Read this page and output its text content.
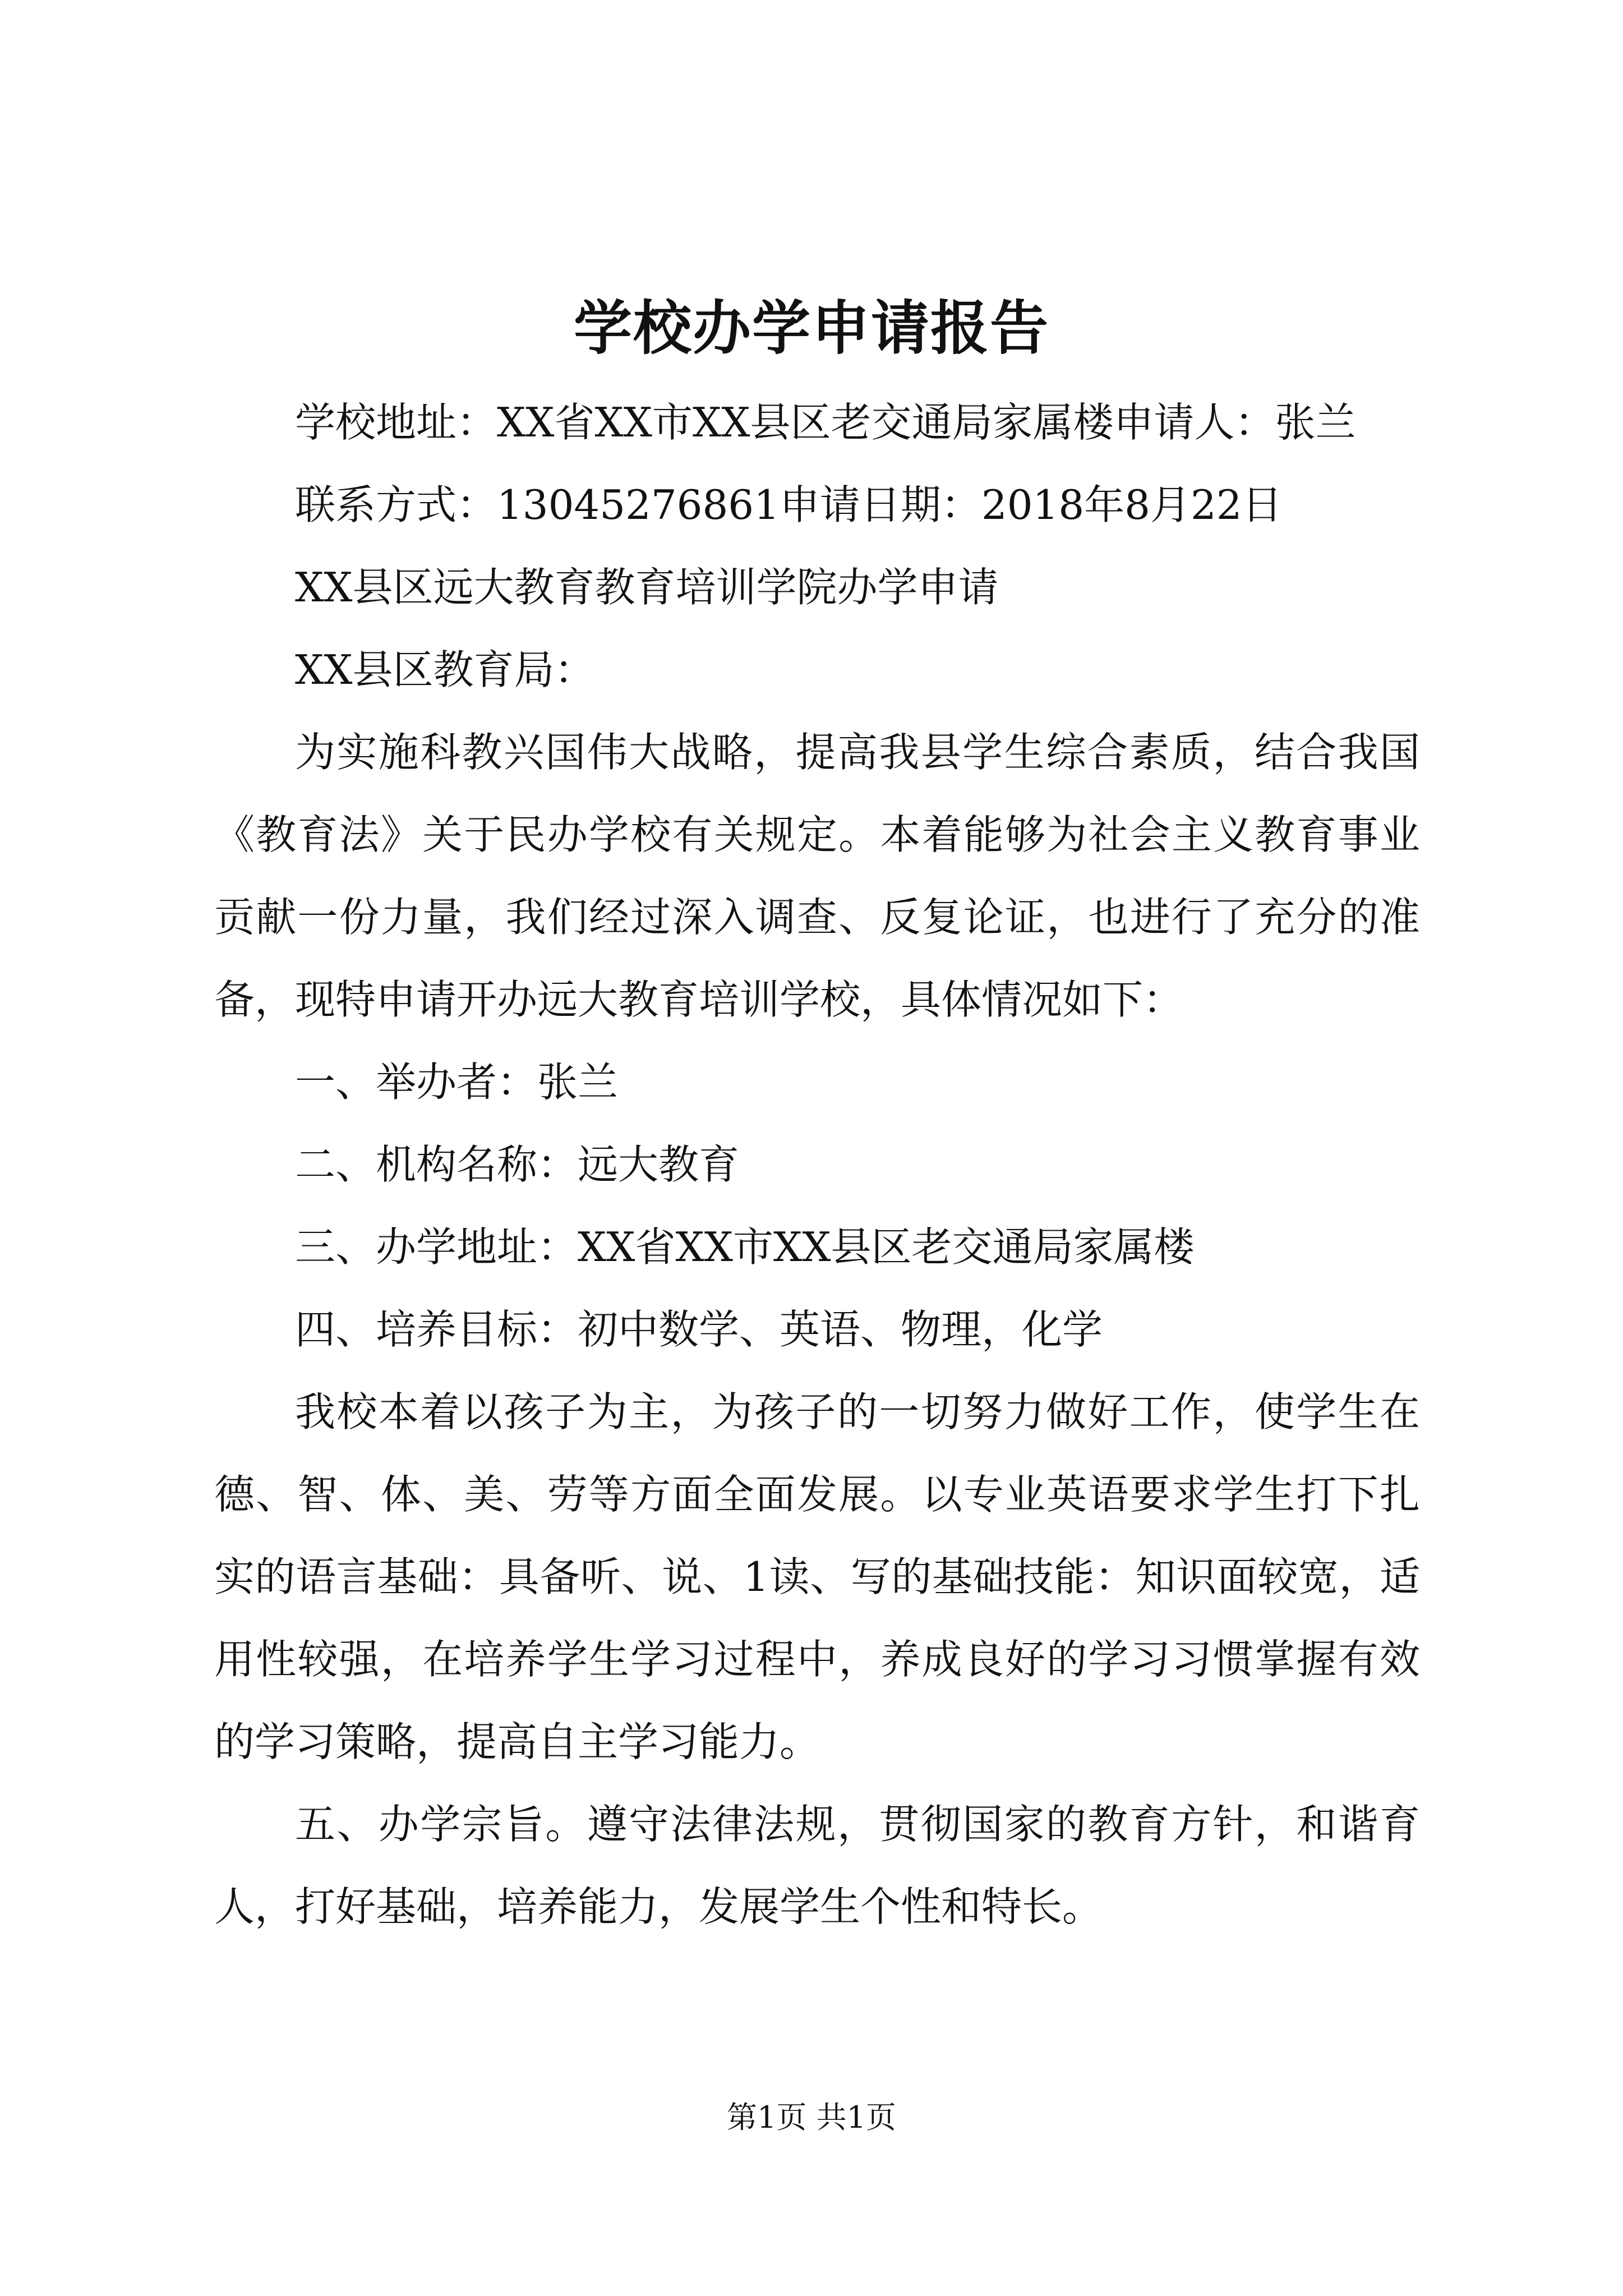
学校办学申请报告

学校地址：XX省XX市XX县区老交通局家属楼申请人：张兰

联系方式：13045276861申请日期：2018年8月22日

XX县区远大教育教育培训学院办学申请

XX县区教育局：

为实施科教兴国伟大战略，提高我县学生综合素质，结合我国《教育法》关于民办学校有关规定。本着能够为社会主义教育事业贡献一份力量，我们经过深入调查、反复论证，也进行了充分的准备，现特申请开办远大教育培训学校，具体情况如下：

一、举办者：张兰

二、机构名称：远大教育

三、办学地址：XX省XX市XX县区老交通局家属楼

四、培养目标：初中数学、英语、物理，化学

我校本着以孩子为主，为孩子的一切努力做好工作，使学生在德、智、体、美、劳等方面全面发展。以专业英语要求学生打下扎实的语言基础：具备听、说、1读、写的基础技能：知识面较宽，适用性较强，在培养学生学习过程中，养成良好的学习习惯掌握有效的学习策略，提高自主学习能力。

五、办学宗旨。遵守法律法规，贯彻国家的教育方针，和谐育人，打好基础，培养能力，发展学生个性和特长。

第1页 共1页
